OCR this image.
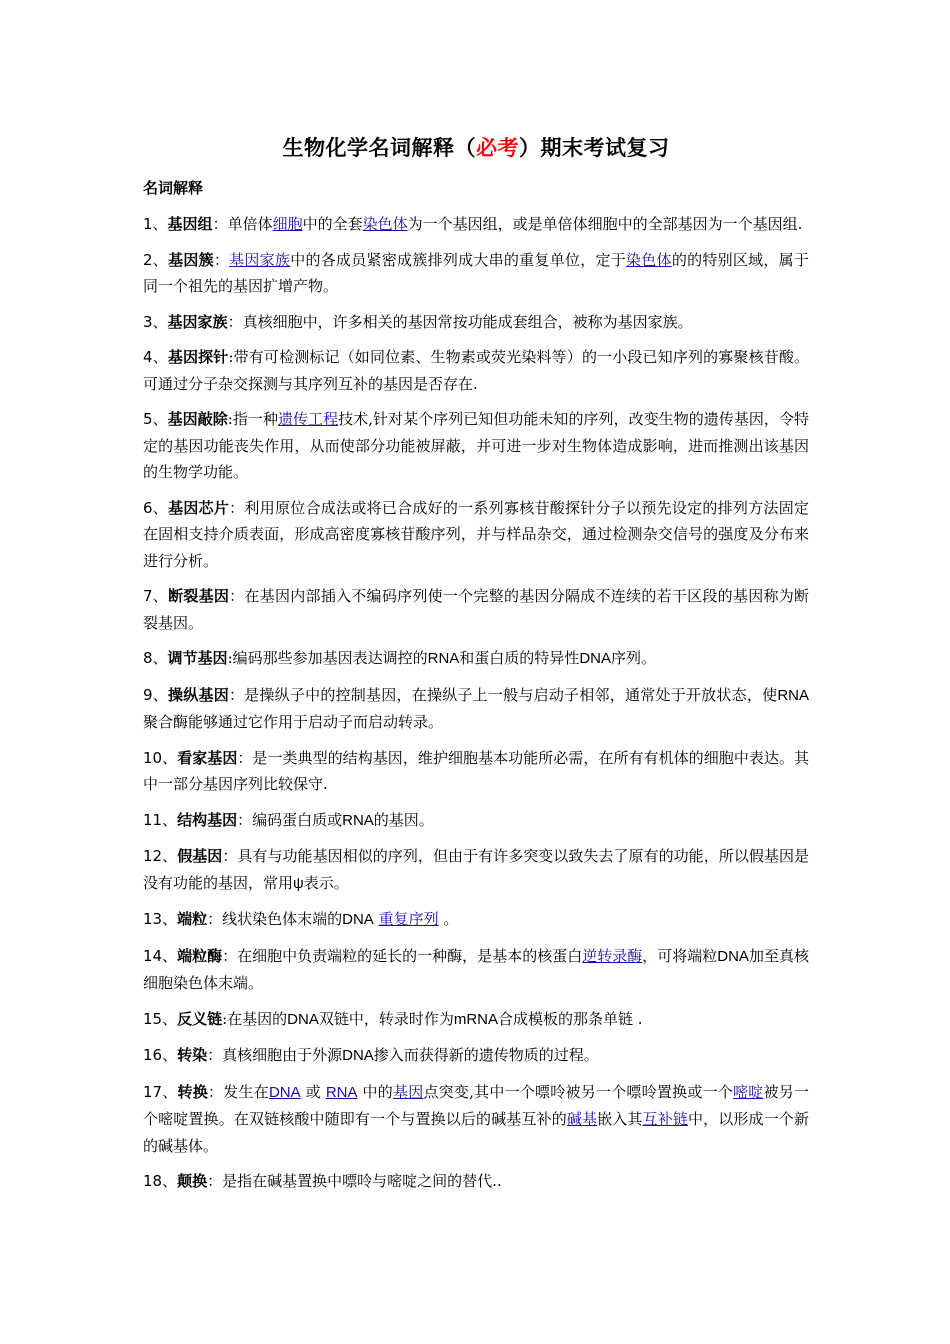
生物化学名词解释（必考）期末考试复习
名词解释

1、基因组：单倍体细胞中的全套染色体为一个基因组，或是单倍体细胞中的全部基因为一个基因组.

2、基因簇：基因家族中的各成员紧密成簇排列成大串的重复单位，定于染色体的的特别区域，属于同一个祖先的基因扩增产物。

3、基因家族：真核细胞中，许多相关的基因常按功能成套组合，被称为基因家族。

4、基因探针:带有可检测标记（如同位素、生物素或荧光染料等）的一小段已知序列的寡聚核苷酸。可通过分子杂交探测与其序列互补的基因是否存在.

5、基因敲除:指一种遗传工程技术,针对某个序列已知但功能未知的序列，改变生物的遗传基因，令特定的基因功能丧失作用，从而使部分功能被屏蔽，并可进一步对生物体造成影响，进而推测出该基因的生物学功能。

6、基因芯片：利用原位合成法或将已合成好的一系列寡核苷酸探针分子以预先设定的排列方法固定在固相支持介质表面，形成高密度寡核苷酸序列，并与样品杂交，通过检测杂交信号的强度及分布来进行分析。

7、断裂基因：在基因内部插入不编码序列使一个完整的基因分隔成不连续的若干区段的基因称为断裂基因。

8、调节基因:编码那些参加基因表达调控的RNA和蛋白质的特异性DNA序列。

9、操纵基因：是操纵子中的控制基因，在操纵子上一般与启动子相邻，通常处于开放状态，使RNA聚合酶能够通过它作用于启动子而启动转录。

10、看家基因：是一类典型的结构基因，维护细胞基本功能所必需，在所有有机体的细胞中表达。其中一部分基因序列比较保守.

11、结构基因：编码蛋白质或RNA的基因。

12、假基因：具有与功能基因相似的序列，但由于有许多突变以致失去了原有的功能，所以假基因是没有功能的基因，常用ψ表示。

13、端粒：线状染色体末端的DNA 重复序列 。

14、端粒酶：在细胞中负责端粒的延长的一种酶，是基本的核蛋白逆转录酶，可将端粒DNA加至真核细胞染色体末端。

15、反义链:在基因的DNA双链中，转录时作为mRNA合成模板的那条单链 .

16、转染：真核细胞由于外源DNA掺入而获得新的遗传物质的过程。

17、转换：发生在DNA 或 RNA 中的基因点突变,其中一个嘌呤被另一个嘌呤置换或一个嘧啶被另一个嘧啶置换。在双链核酸中随即有一个与置换以后的碱基互补的碱基嵌入其互补链中，以形成一个新的碱基体。

18、颠换：是指在碱基置换中嘌呤与嘧啶之间的替代..
